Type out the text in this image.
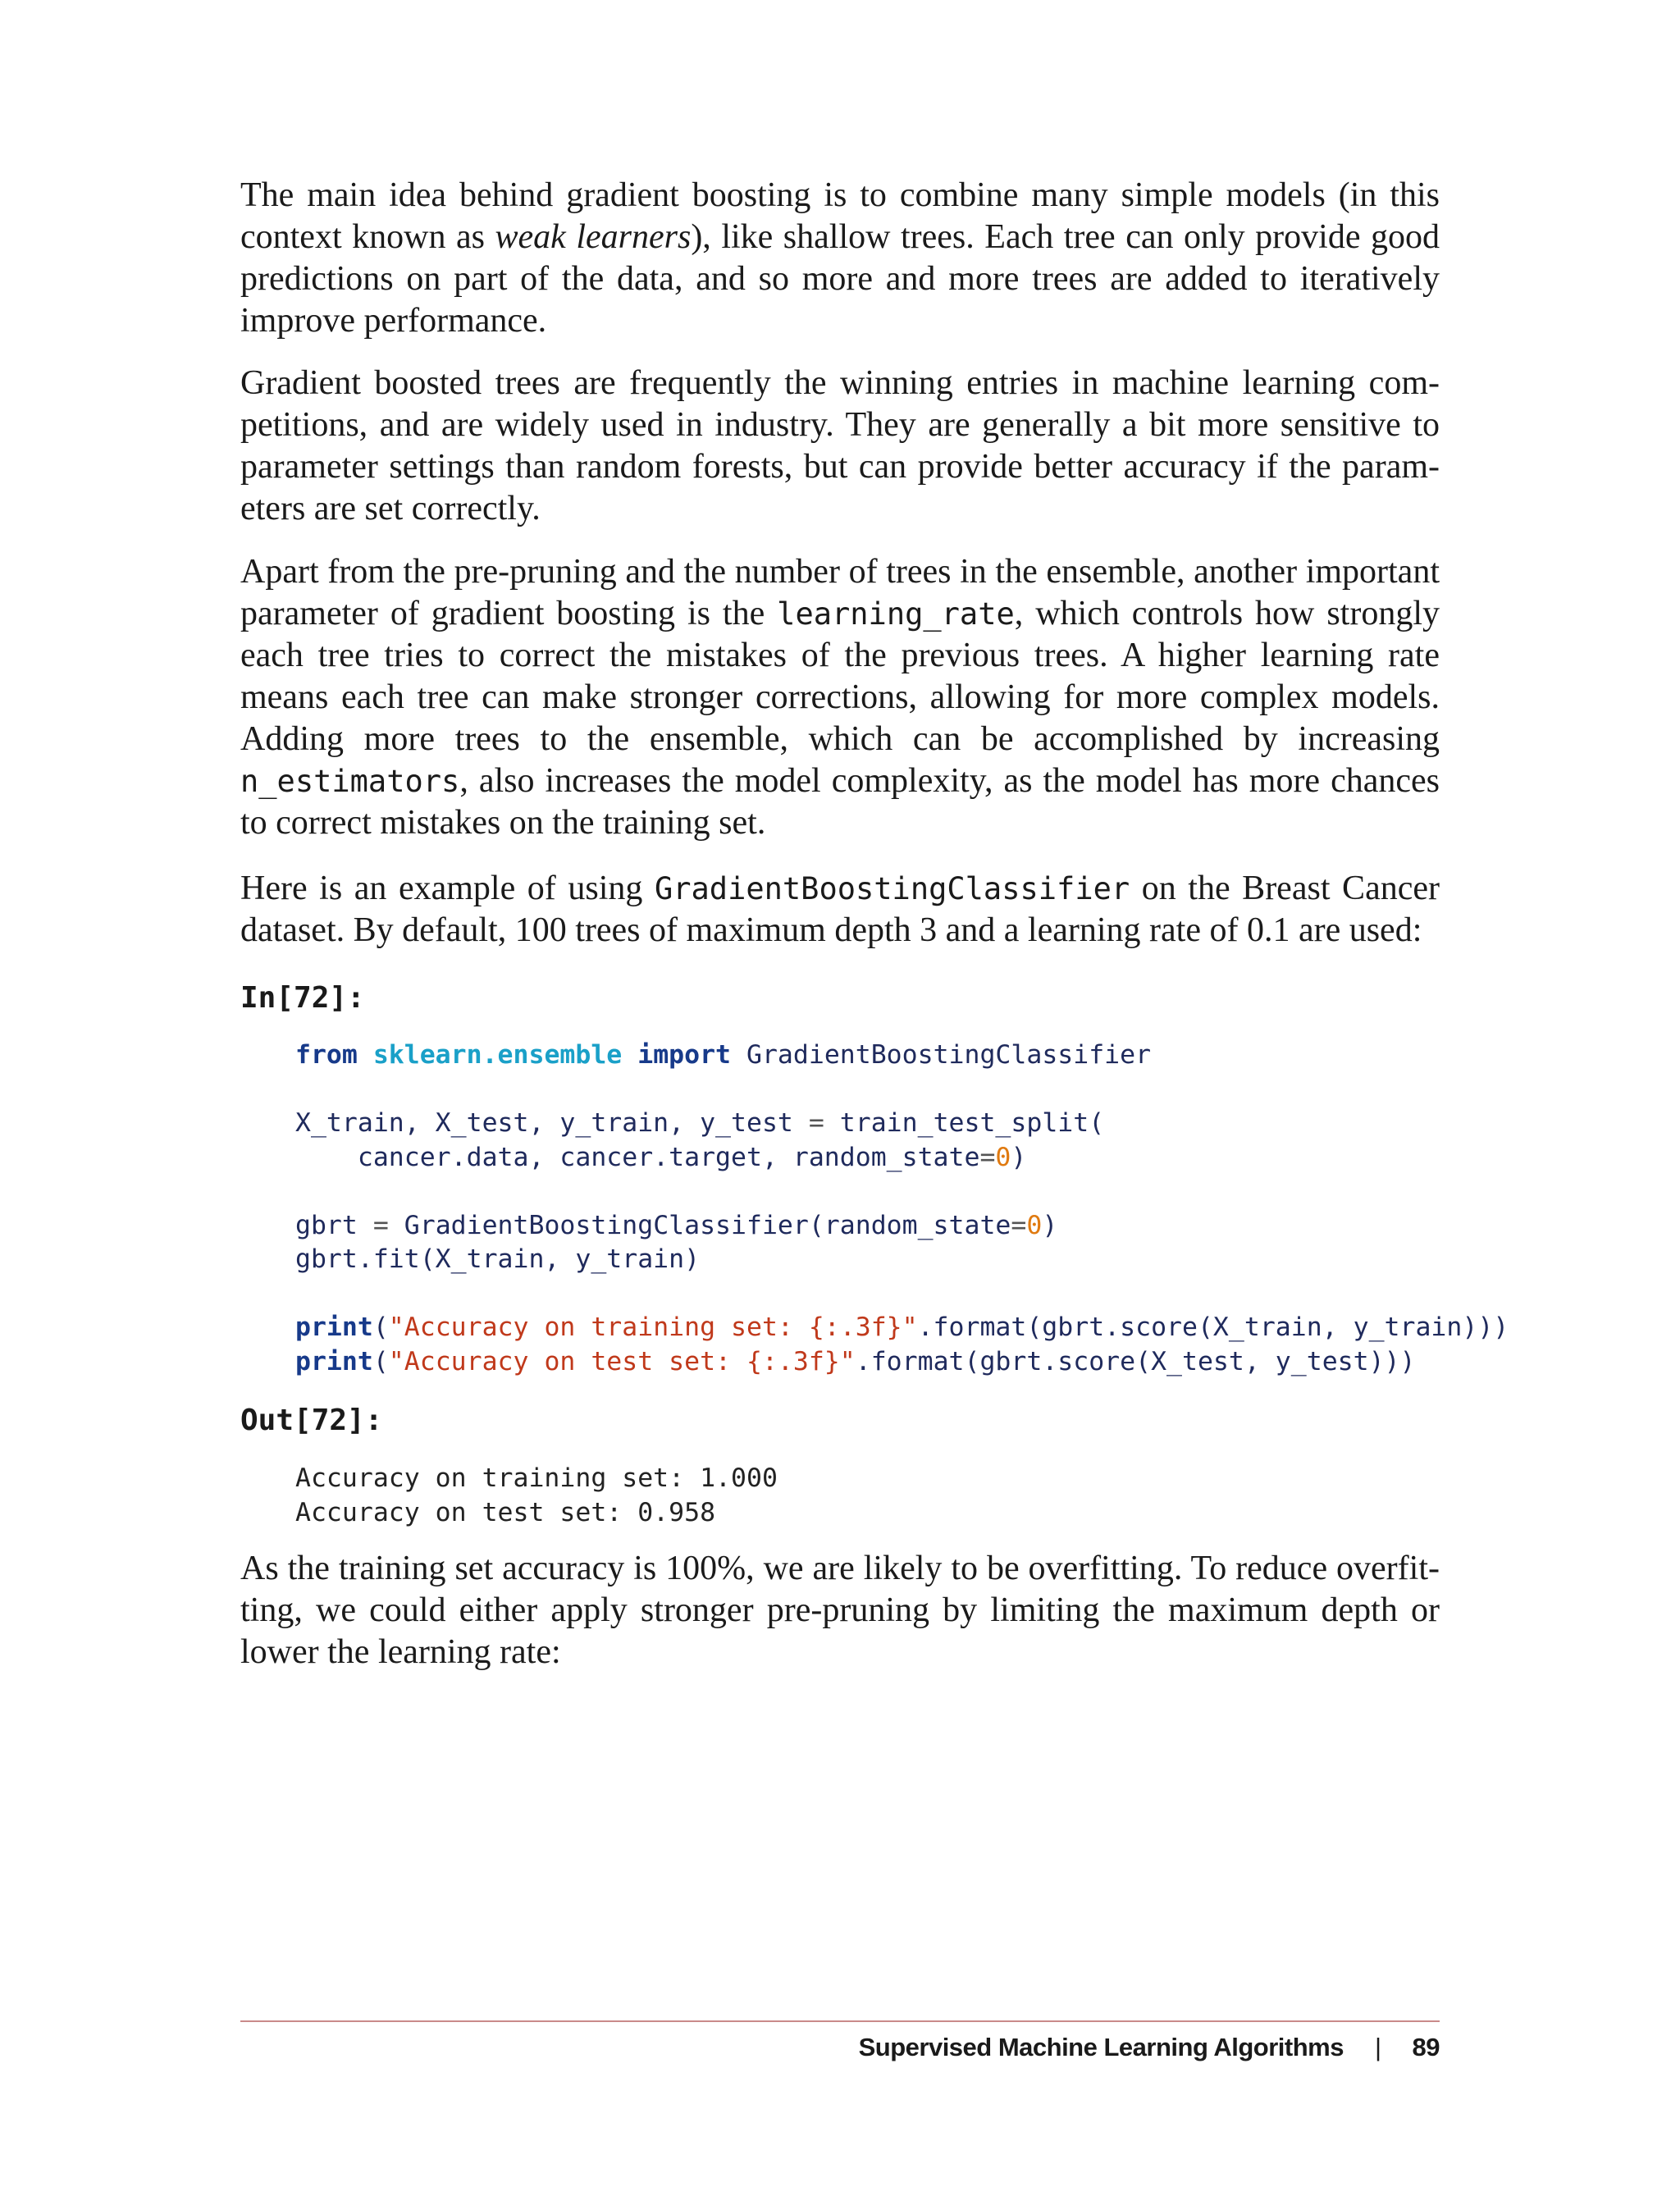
The main idea behind gradient boosting is to combine many simple models (in this context known as weak learners), like shallow trees. Each tree can only provide good predictions on part of the data, and so more and more trees are added to iteratively improve performance.

Gradient boosted trees are frequently the winning entries in machine learning competitions, and are widely used in industry. They are generally a bit more sensitive to parameter settings than random forests, but can provide better accuracy if the parameters are set correctly.

Apart from the pre-pruning and the number of trees in the ensemble, another important parameter of gradient boosting is the learning_rate, which controls how strongly each tree tries to correct the mistakes of the previous trees. A higher learning rate means each tree can make stronger corrections, allowing for more complex models. Adding more trees to the ensemble, which can be accomplished by increasing n_estimators, also increases the model complexity, as the model has more chances to correct mistakes on the training set.

Here is an example of using GradientBoostingClassifier on the Breast Cancer dataset. By default, 100 trees of maximum depth 3 and a learning rate of 0.1 are used:

In[72]:
from sklearn.ensemble import GradientBoostingClassifier

X_train, X_test, y_train, y_test = train_test_split(
cancer.data, cancer.target, random_state=0)

gbrt = GradientBoostingClassifier(random_state=0)
gbrt.fit(X_train, y_train)

print("Accuracy on training set: {:.3f}".format(gbrt.score(X_train, y_train)))
print("Accuracy on test set: {:.3f}".format(gbrt.score(X_test, y_test)))
Out[72]:
Accuracy on training set: 1.000
Accuracy on test set: 0.958

As the training set accuracy is 100%, we are likely to be overfitting. To reduce overfitting, we could either apply stronger pre-pruning by limiting the maximum depth or lower the learning rate:

Supervised Machine Learning Algorithms | 89
